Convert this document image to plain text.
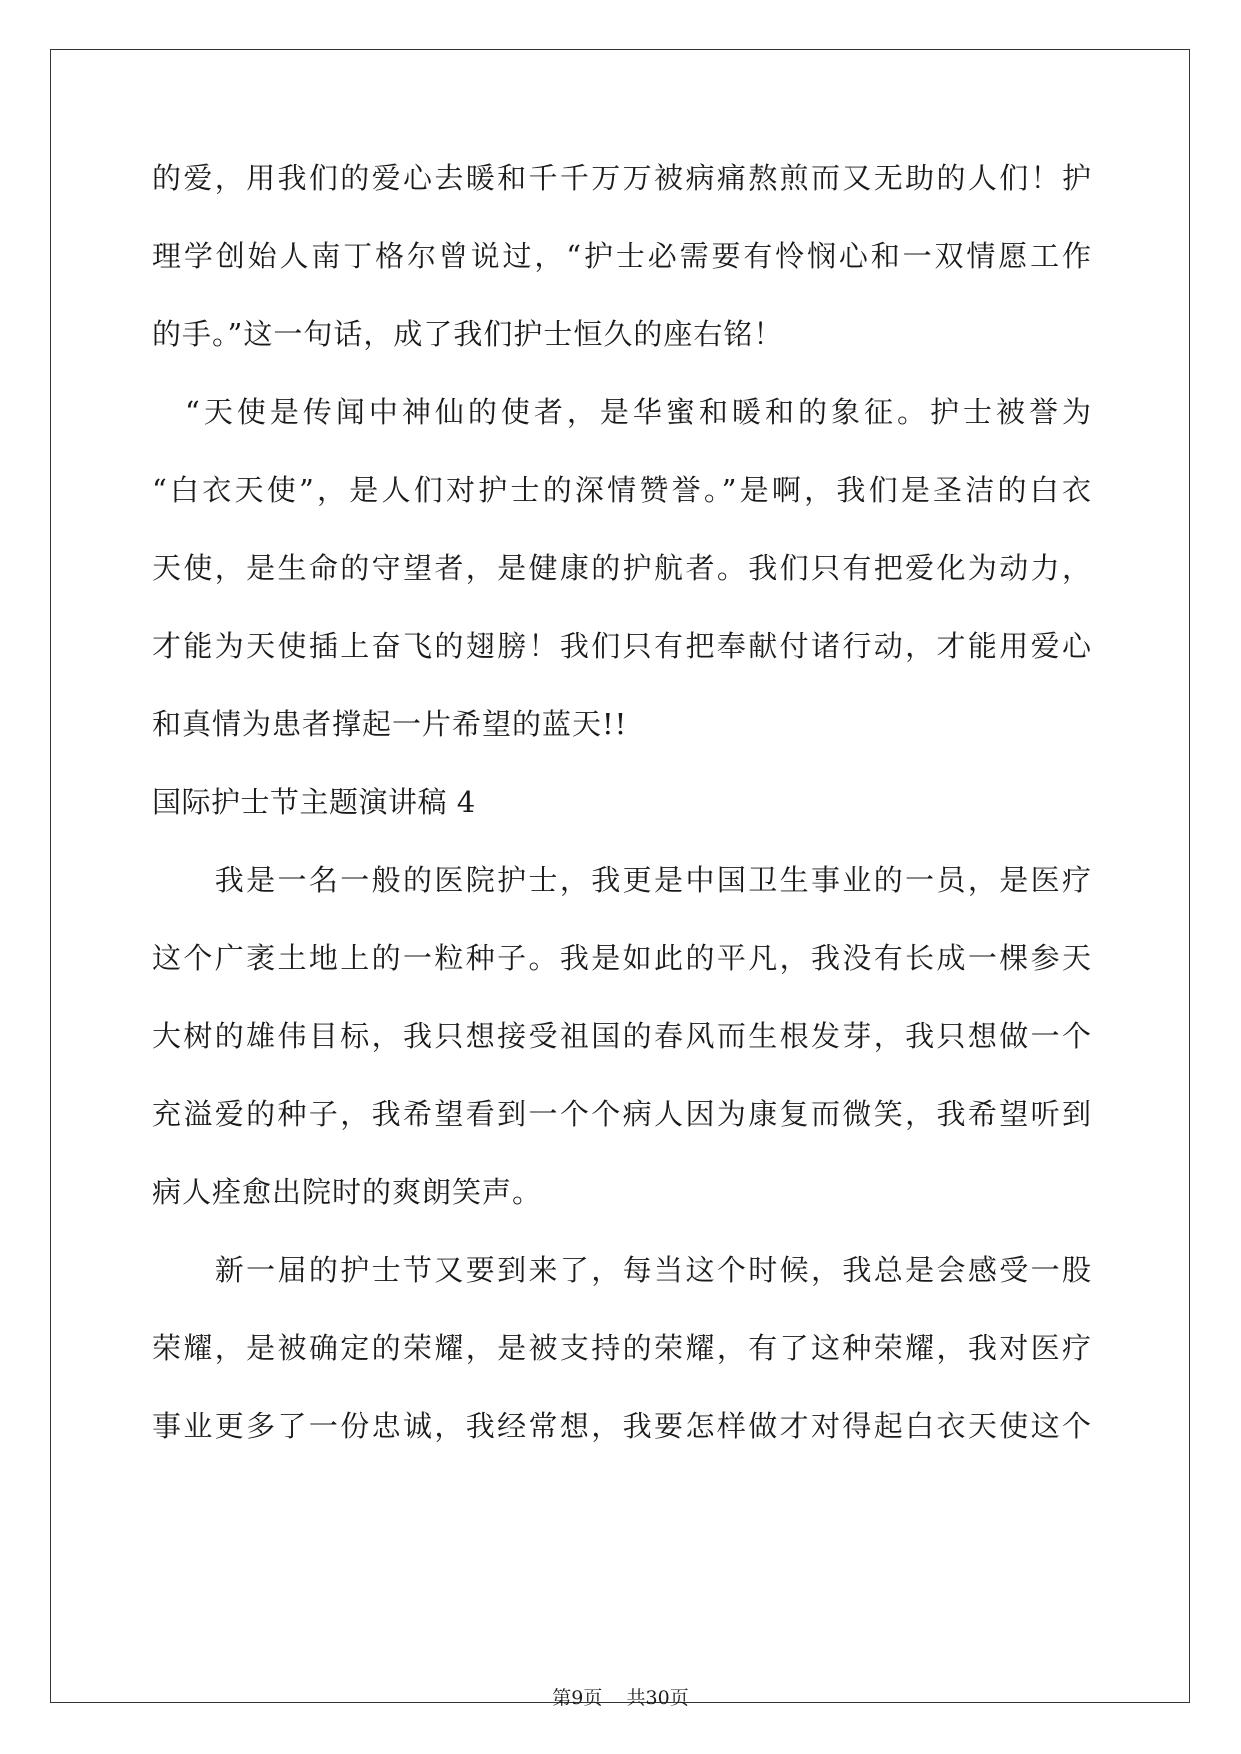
的爱，用我们的爱心去暖和千千万万被病痛熬煎而又无助的人们！护
理学创始人南丁格尔曾说过，“护士必需要有怜悯心和一双情愿工作
的手。”这一句话，成了我们护士恒久的座右铭！
　“天使是传闻中神仙的使者，是华蜜和暖和的象征。护士被誉为
“白衣天使”，是人们对护士的深情赞誉。”是啊，我们是圣洁的白衣
天使，是生命的守望者，是健康的护航者。我们只有把爱化为动力，
才能为天使插上奋飞的翅膀！我们只有把奉献付诸行动，才能用爱心
和真情为患者撑起一片希望的蓝天!!
国际护士节主题演讲稿 4
　　我是一名一般的医院护士，我更是中国卫生事业的一员，是医疗
这个广袤土地上的一粒种子。我是如此的平凡，我没有长成一棵参天
大树的雄伟目标，我只想接受祖国的春风而生根发芽，我只想做一个
充溢爱的种子，我希望看到一个个病人因为康复而微笑，我希望听到
病人痊愈出院时的爽朗笑声。
　　新一届的护士节又要到来了，每当这个时候，我总是会感受一股
荣耀，是被确定的荣耀，是被支持的荣耀，有了这种荣耀，我对医疗
事业更多了一份忠诚，我经常想，我要怎样做才对得起白衣天使这个
第9页 共30页
